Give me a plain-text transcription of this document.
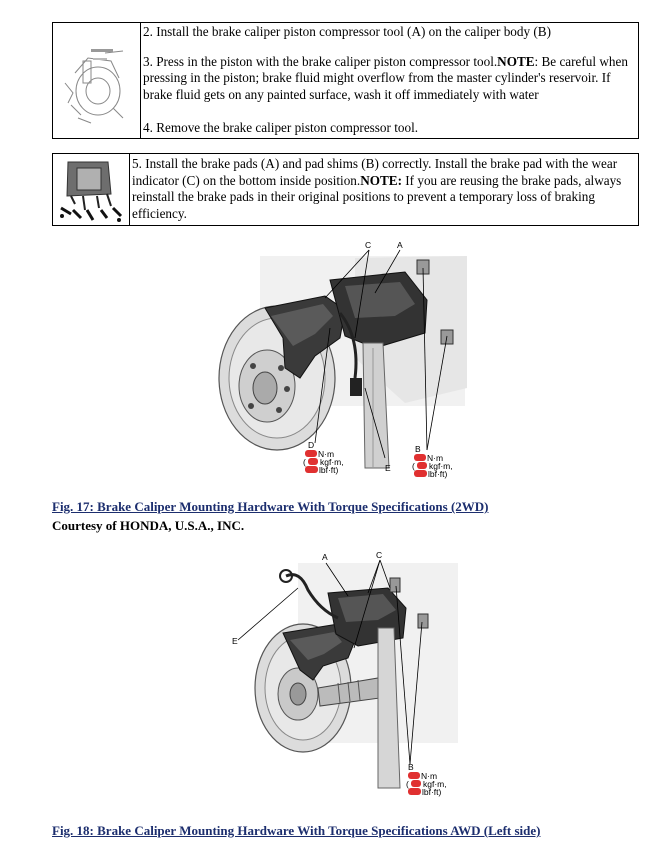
2. Install the brake caliper piston compressor tool (A) on the caliper body (B)

3. Press in the piston with the brake caliper piston compressor tool.NOTE: Be careful when pressing in the piston; brake fluid might overflow from the master cylinder's reservoir. If brake fluid gets on any painted surface, wash it off immediately with water

4. Remove the brake caliper piston compressor tool.

5. Install the brake pads (A) and pad shims (B) correctly. Install the brake pad with the wear indicator (C) on the bottom inside position.NOTE: If you are reusing the brake pads, always reinstall the brake pads in their original positions to prevent a temporary loss of braking efficiency.

C	A
D
E
B
N·m
( kgf·m,
lbf·ft)
N·m
( kgf·m,
lbf·ft)
Fig. 17: Brake Caliper Mounting Hardware With Torque Specifications (2WD)
Courtesy of HONDA, U.S.A., INC.
A	C
E
B
N·m
( kgf·m,
lbf·ft)
Fig. 18: Brake Caliper Mounting Hardware With Torque Specifications AWD (Left side)
